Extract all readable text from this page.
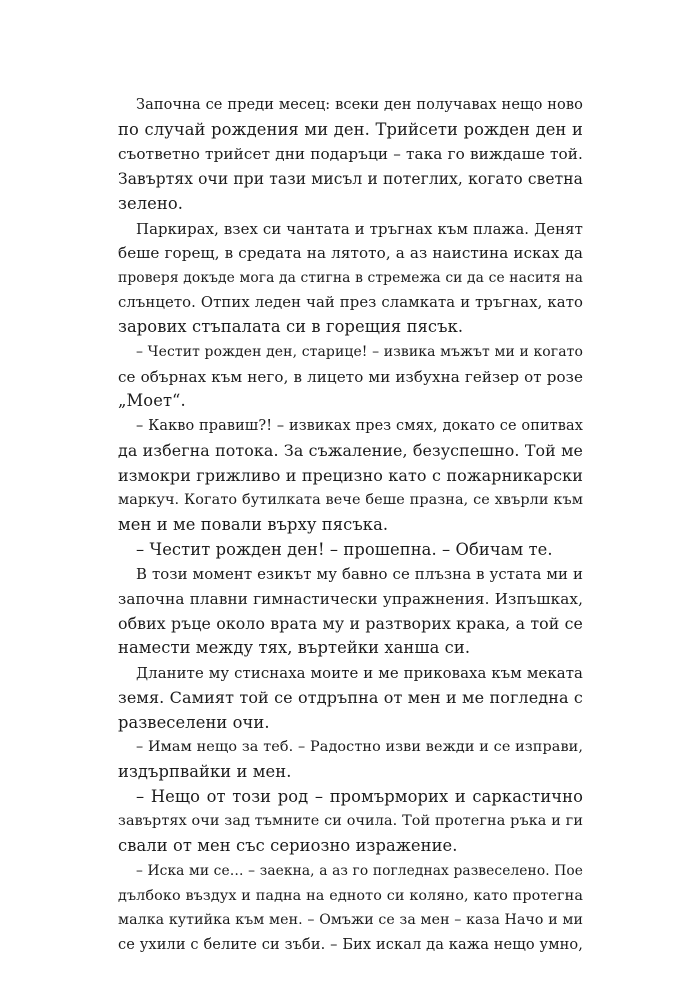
Започна се преди месец: всеки ден получавах нещо ново
по случай рождения ми ден. Трийсети рожден ден и
съответно трийсет дни подаръци – така го виждаше той.
Завъртях очи при тази мисъл и потеглих, когато светна
зелено.
Паркирах, взех си чантата и тръгнах към плажа. Денят
беше горещ, в средата на лятото, а аз наистина исках да
проверя докъде мога да стигна в стремежа си да се наситя на
слънцето. Отпих леден чай през сламката и тръгнах, като
зарових стъпалата си в горещия пясък.
– Честит рожден ден, старице! – извика мъжът ми и когато
се обърнах към него, в лицето ми избухна гейзер от розе
„Моет“.
– Какво правиш?! – извиках през смях, докато се опитвах
да избегна потока. За съжаление, безуспешно. Той ме
измокри грижливо и прецизно като с пожарникарски
маркуч. Когато бутилката вече беше празна, се хвърли към
мен и ме повали върху пясъка.
– Честит рожден ден! – прошепна. – Обичам те.
В този момент езикът му бавно се плъзна в устата ми и
започна плавни гимнастически упражнения. Изпъшках,
обвих ръце около врата му и разтворих крака, а той се
намести между тях, въртейки ханша си.
Дланите му стиснаха моите и ме приковаха към меката
земя. Самият той се отдръпна от мен и ме погледна с
развеселени очи.
– Имам нещо за теб. – Радостно изви вежди и се изправи,
издърпвайки и мен.
– Нещо от този род – промърморих и саркастично
завъртях очи зад тъмните си очила. Той протегна ръка и ги
свали от мен със сериозно изражение.
– Иска ми се… – заекна, а аз го погледнах развеселено. Пое
дълбоко въздух и падна на едното си коляно, като протегна
малка кутийка към мен. – Омъжи се за мен – каза Начо и ми
се ухили с белите си зъби. – Бих искал да кажа нещо умно,
